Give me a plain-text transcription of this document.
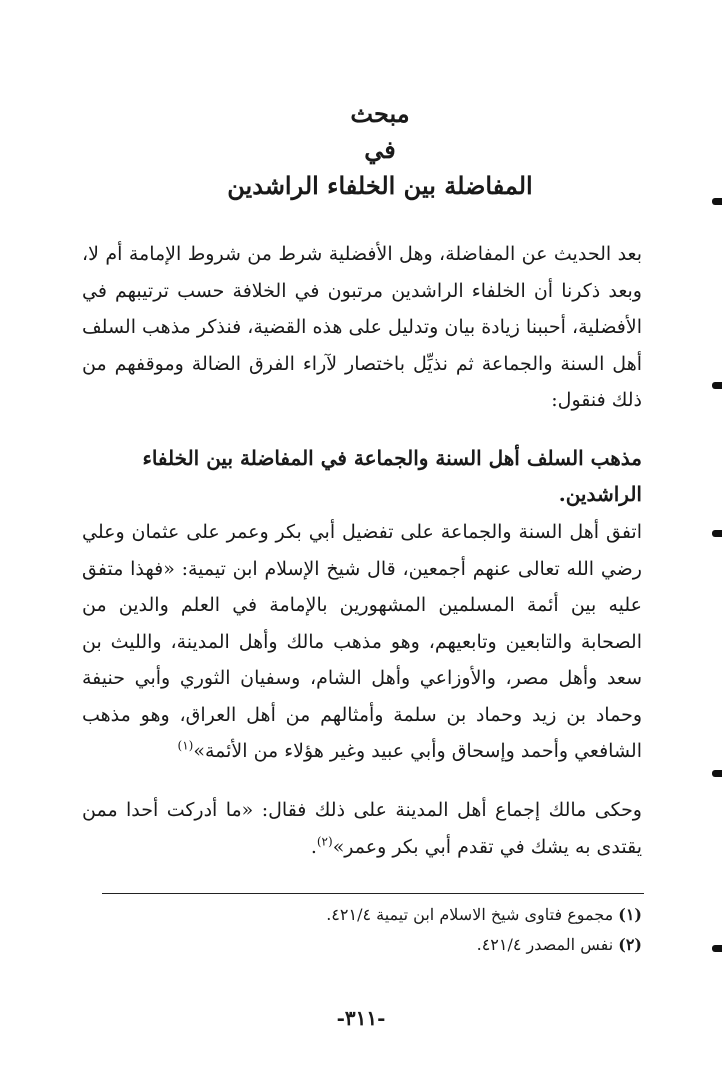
مبحث

في

المفاضلة بين الخلفاء الراشدين

بعد الحديث عن المفاضلة، وهل الأفضلية شرط من شروط الإمامة أم لا، وبعد ذكرنا أن الخلفاء الراشدين مرتبون في الخلافة حسب ترتيبهم في الأفضلية، أحببنا زيادة بيان وتدليل على هذه القضية، فنذكر مذهب السلف أهل السنة والجماعة ثم نذيِّل باختصار لآراء الفرق الضالة وموقفهم من ذلك فنقول:

مذهب السلف أهل السنة والجماعة في المفاضلة بين الخلفاء الراشدين.

اتفق أهل السنة والجماعة على تفضيل أبي بكر وعمر على عثمان وعلي رضي الله تعالى عنهم أجمعين، قال شيخ الإسلام ابن تيمية: «فهذا متفق عليه بين أئمة المسلمين المشهورين بالإمامة في العلم والدين من الصحابة والتابعين وتابعيهم، وهو مذهب مالك وأهل المدينة، والليث بن سعد وأهل مصر، والأوزاعي وأهل الشام، وسفيان الثوري وأبي حنيفة وحماد بن زيد وحماد بن سلمة وأمثالهم من أهل العراق، وهو مذهب الشافعي وأحمد وإسحاق وأبي عبيد وغير هؤلاء من الأئمة»$^{(١)}$

وحكى مالك إجماع أهل المدينة على ذلك فقال: «ما أدركت أحدا ممن يقتدى به يشك في تقدم أبي بكر وعمر»$^{(٢)}$.

(١) مجموع فتاوى شيخ الاسلام ابن تيمية ٤٢١/٤.

(٢) نفس المصدر ٤٢١/٤.

-٣١١-
